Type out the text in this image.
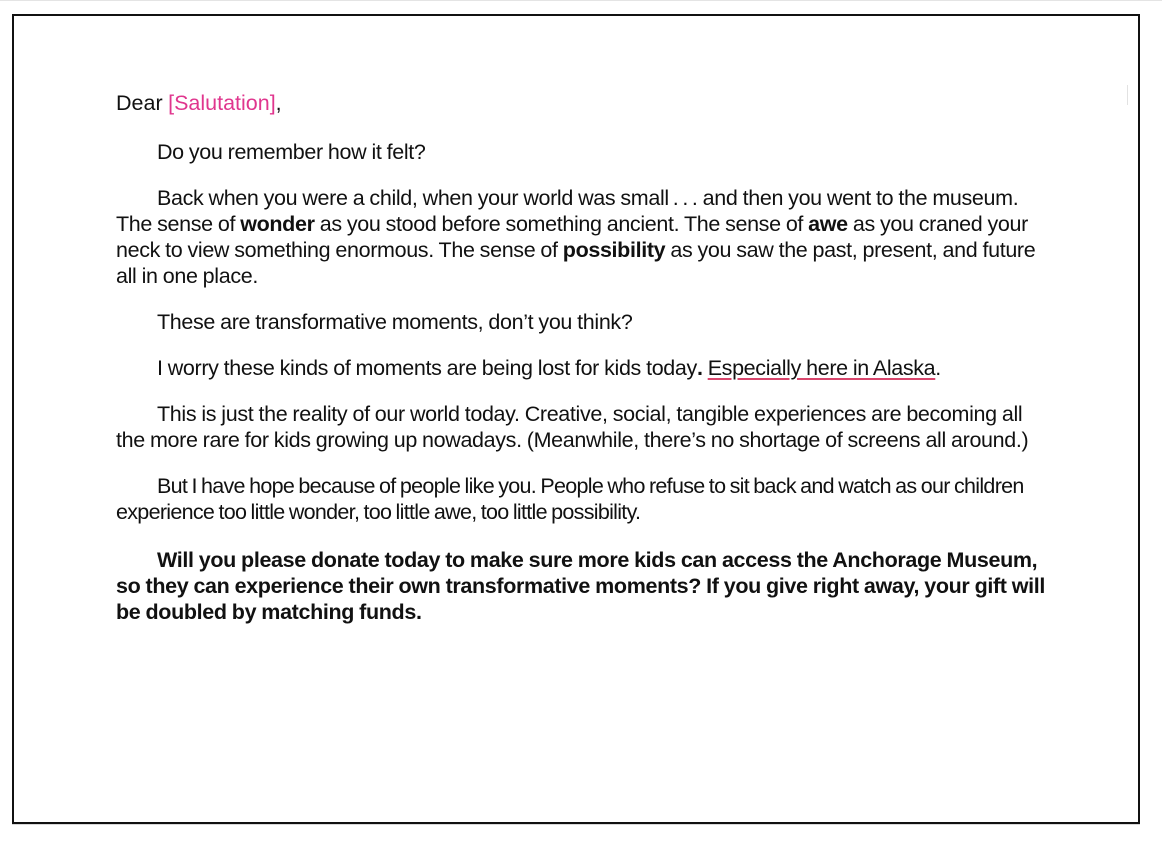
Dear [Salutation],

Do you remember how it felt?

Back when you were a child, when your world was small . . . and then you went to the museum. The sense of wonder as you stood before something ancient. The sense of awe as you craned your neck to view something enormous. The sense of possibility as you saw the past, present, and future all in one place.

These are transformative moments, don’t you think?

I worry these kinds of moments are being lost for kids today. Especially here in Alaska.

This is just the reality of our world today. Creative, social, tangible experiences are becoming all the more rare for kids growing up nowadays. (Meanwhile, there’s no shortage of screens all around.)

But I have hope because of people like you. People who refuse to sit back and watch as our children experience too little wonder, too little awe, too little possibility.

Will you please donate today to make sure more kids can access the Anchorage Museum, so they can experience their own transformative moments? If you give right away, your gift will be doubled by matching funds.
